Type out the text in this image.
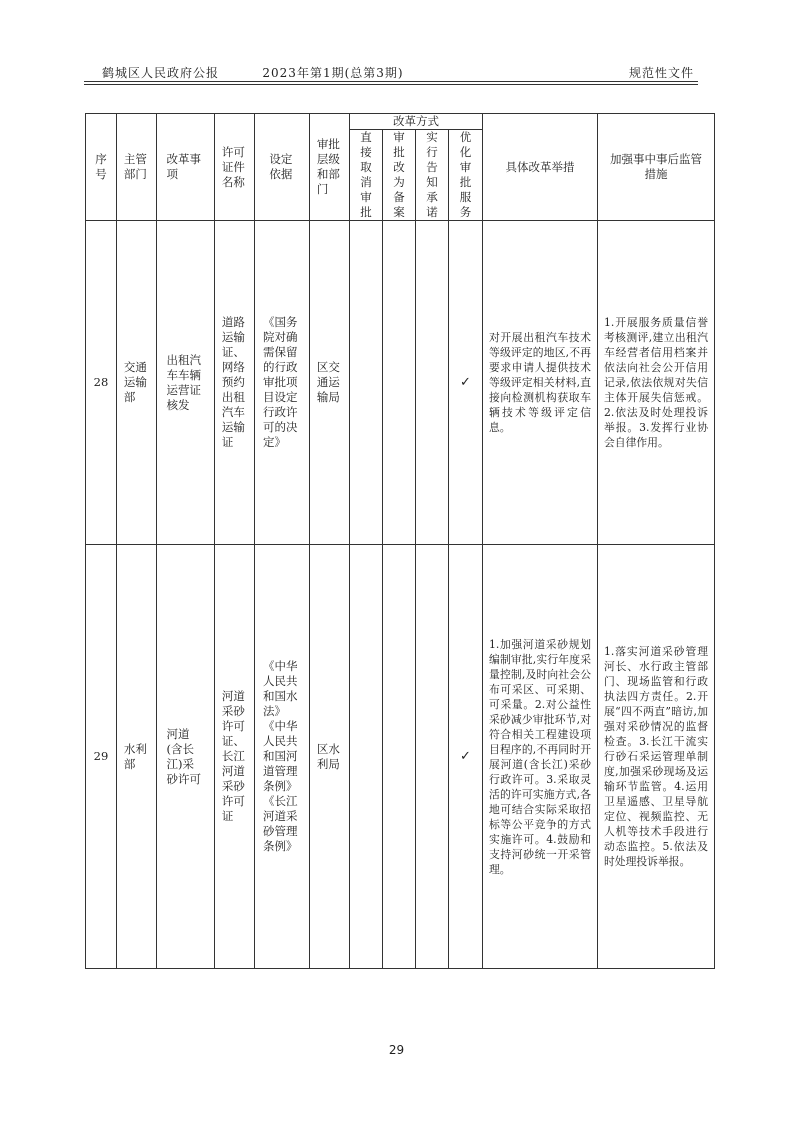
鹤城区人民政府公报	2023年第1期(总第3期)	规范性文件
序号	主管部门	改革事项	许可证件名称	设定依据	审批层级和部门	改革方式				具体改革举措	加强事中事后监管措施

						直接取消审批	审批改为备案	实行告知承诺	优化审批服务		
28	交通运输部	出租汽车车辆运营证核发	道路运输证、网络预约出租汽车运输证	《国务院对确需保留的行政审批项目设定行政许可的决定》	区交通运输局				✓	对开展出租汽车技术等级评定的地区,不再要求申请人提供技术等级评定相关材料,直接向检测机构获取车辆技术等级评定信息。	1.开展服务质量信誉考核测评,建立出租汽车经营者信用档案并依法向社会公开信用记录,依法依规对失信主体开展失信惩戒。2.依法及时处理投诉举报。3.发挥行业协会自律作用。

29	水利部	河道(含长江)采砂许可	河道采砂许可证、长江河道采砂许可证	《中华人民共和国水法》《中华人民共和国河道管理条例》《长江河道采砂管理条例》	区水利局				✓	1.加强河道采砂规划编制审批,实行年度采量控制,及时向社会公布可采区、可采期、可采量。2.对公益性采砂减少审批环节,对符合相关工程建设项目程序的,不再同时开展河道(含长江)采砂行政许可。3.采取灵活的许可实施方式,各地可结合实际采取招标等公平竞争的方式实施许可。4.鼓励和支持河砂统一开采管理。	1.落实河道采砂管理河长、水行政主管部门、现场监管和行政执法四方责任。2.开展“四不两直”暗访,加强对采砂情况的监督检查。3.长江干流实行砂石采运管理单制度,加强采砂现场及运输环节监管。4.运用卫星遥感、卫星导航定位、视频监控、无人机等技术手段进行动态监控。5.依法及时处理投诉举报。
29
